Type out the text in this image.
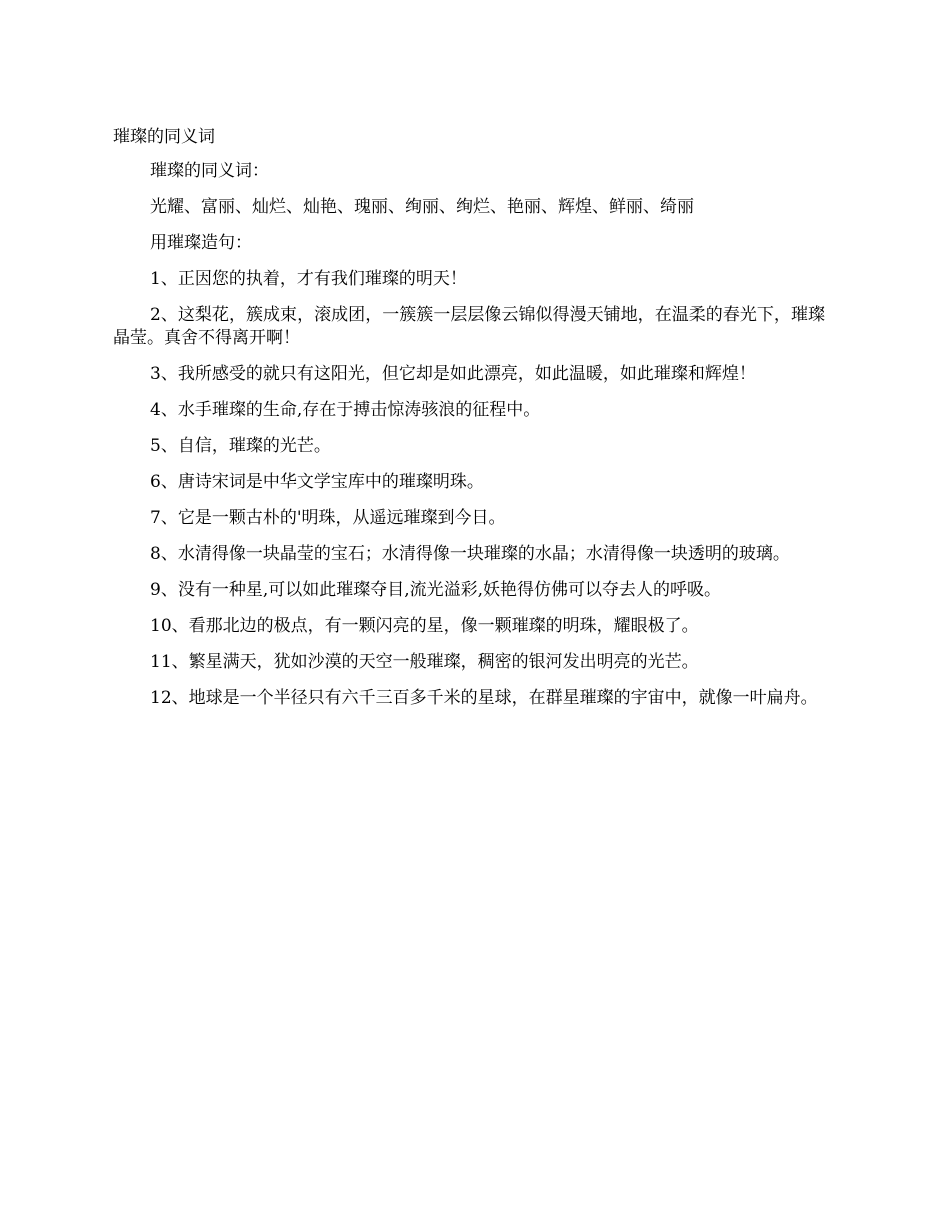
璀璨的同义词

璀璨的同义词：

光耀、富丽、灿烂、灿艳、瑰丽、绚丽、绚烂、艳丽、辉煌、鲜丽、绮丽

用璀璨造句：

1、正因您的执着，才有我们璀璨的明天！

2、这梨花，簇成束，滚成团，一簇簇一层层像云锦似得漫天铺地，在温柔的春光下，璀璨晶莹。真舍不得离开啊！

3、我所感受的就只有这阳光，但它却是如此漂亮，如此温暖，如此璀璨和辉煌！

4、水手璀璨的生命,存在于搏击惊涛骇浪的征程中。

5、自信，璀璨的光芒。

6、唐诗宋词是中华文学宝库中的璀璨明珠。

7、它是一颗古朴的'明珠，从遥远璀璨到今日。

8、水清得像一块晶莹的宝石；水清得像一块璀璨的水晶；水清得像一块透明的玻璃。

9、没有一种星,可以如此璀璨夺目,流光溢彩,妖艳得仿佛可以夺去人的呼吸。

10、看那北边的极点，有一颗闪亮的星，像一颗璀璨的明珠，耀眼极了。

11、繁星满天，犹如沙漠的天空一般璀璨，稠密的银河发出明亮的光芒。

12、地球是一个半径只有六千三百多千米的星球，在群星璀璨的宇宙中，就像一叶扁舟。
